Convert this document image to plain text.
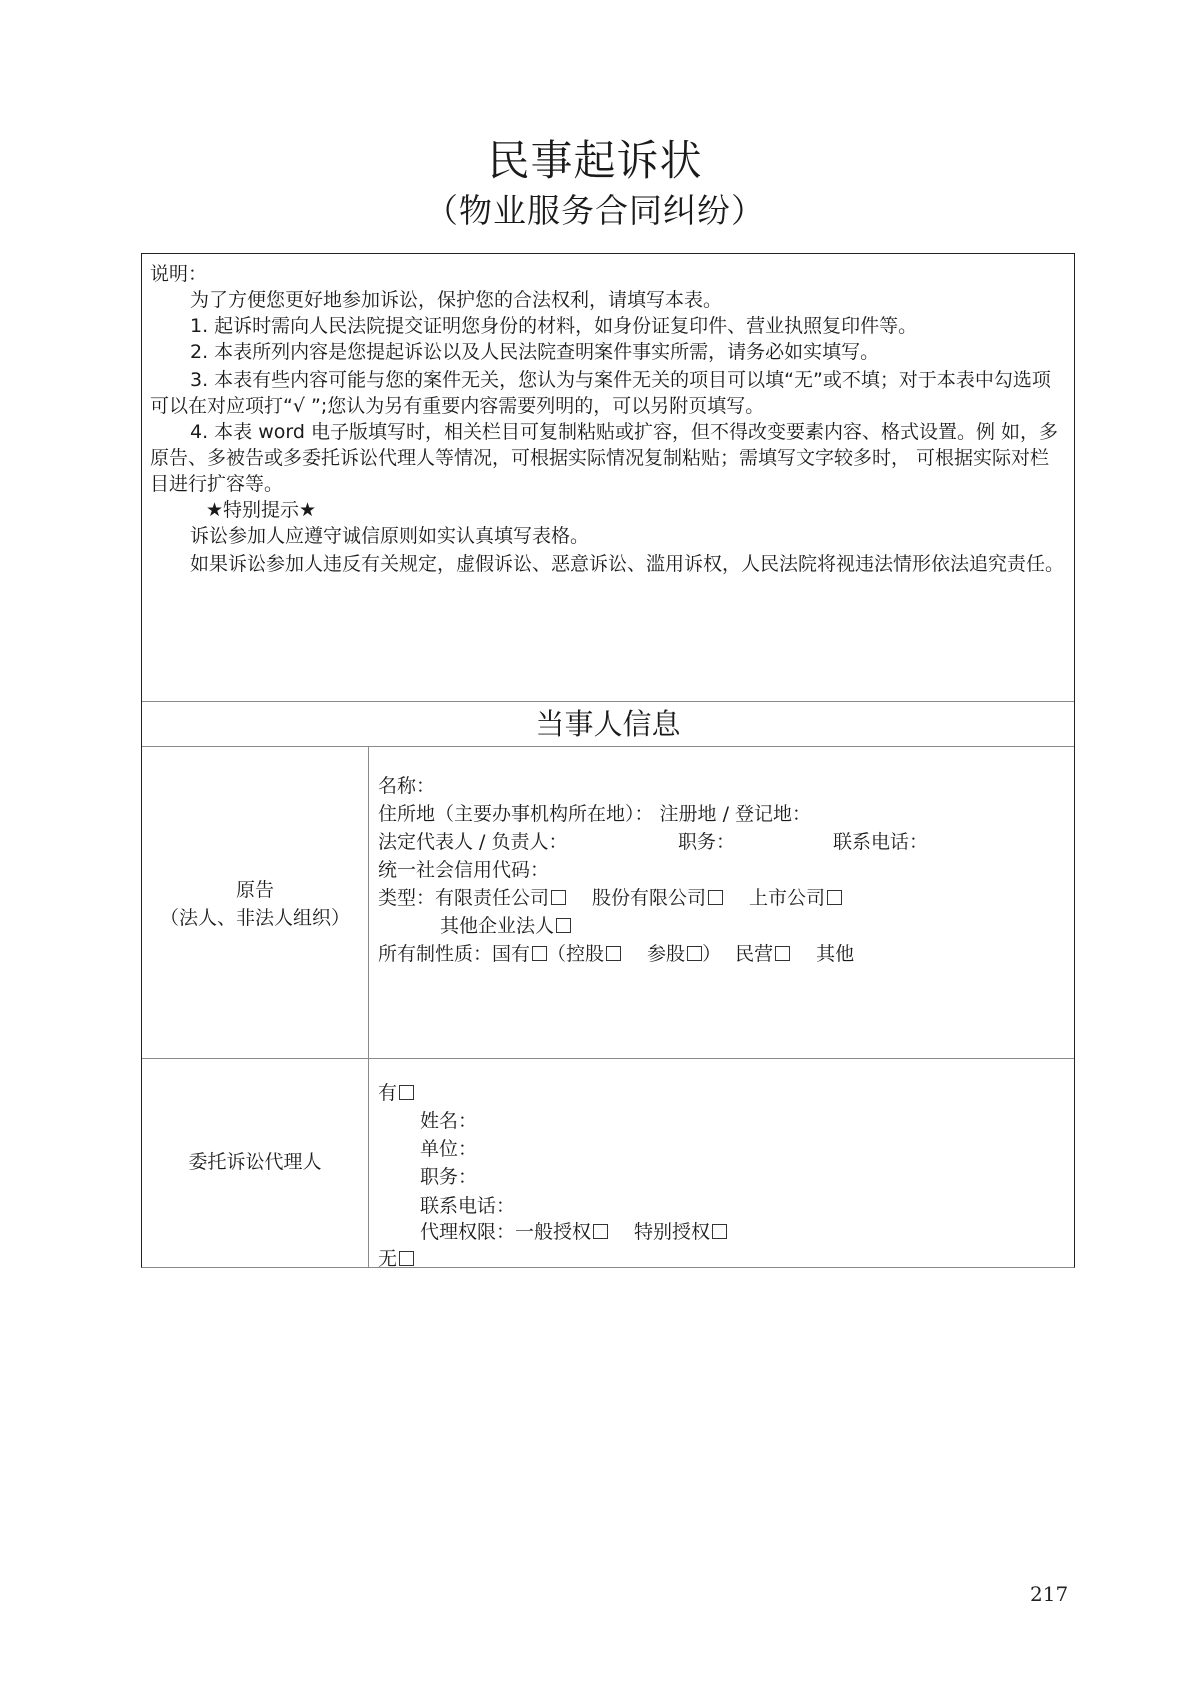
民事起诉状
（物业服务合同纠纷）

说明：

为了方便您更好地参加诉讼，保护您的合法权利，请填写本表。

1. 起诉时需向人民法院提交证明您身份的材料，如身份证复印件、营业执照复印件等。

2. 本表所列内容是您提起诉讼以及人民法院查明案件事实所需，请务必如实填写。

3. 本表有些内容可能与您的案件无关，您认为与案件无关的项目可以填“无”或不填；对于本表中勾选项可以在对应项打“√ ”;您认为另有重要内容需要列明的，可以另附页填写。

4. 本表 word 电子版填写时，相关栏目可复制粘贴或扩容，但不得改变要素内容、格式设置。例 如，多原告、多被告或多委托诉讼代理人等情况，可根据实际情况复制粘贴；需填写文字较多时， 可根据实际对栏目进行扩容等。

★特别提示★

诉讼参加人应遵守诚信原则如实认真填写表格。

如果诉讼参加人违反有关规定，虚假诉讼、恶意诉讼、滥用诉权，人民法院将视违法情形依法追究责任。

当事人信息
原告
（法人、非法人组织）

名称：

住所地（主要办事机构所在地）： 注册地 / 登记地：

法定代表人 / 负责人：	职务：	联系电话：

统一社会信用代码：

类型：有限责任公司 股份有限公司 上市公司

其他企业法人

所有制性质：国有 （控股 参股 ） 民营 其他

委托诉讼代理人

有

姓名：

单位：

职务：

联系电话：

代理权限：一般授权 特别授权

无

217
